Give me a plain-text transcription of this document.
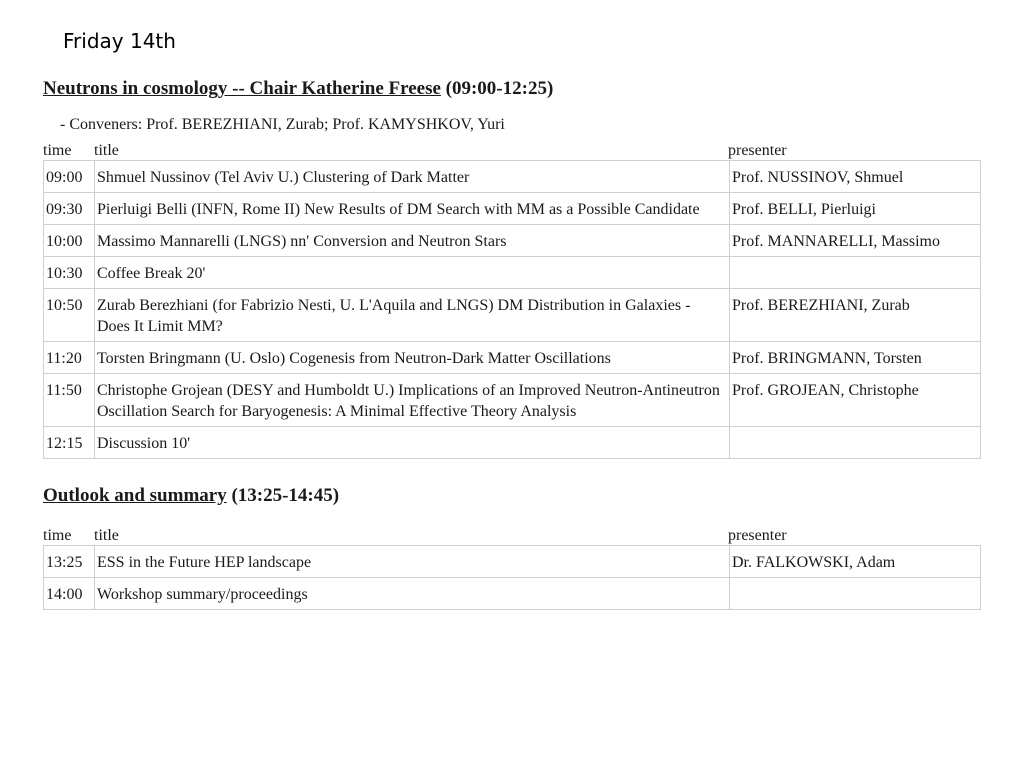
Friday 14th
Neutrons in cosmology -- Chair Katherine Freese (09:00-12:25)
- Conveners: Prof. BEREZHIANI, Zurab; Prof. KAMYSHKOV, Yuri
time	title	presenter
09:00	Shmuel Nussinov (Tel Aviv U.) Clustering of Dark Matter	Prof. NUSSINOV, Shmuel
09:30	Pierluigi Belli (INFN, Rome II) New Results of DM Search with MM as a Possible Candidate	Prof. BELLI, Pierluigi
10:00	Massimo Mannarelli (LNGS) nn' Conversion and Neutron Stars	Prof. MANNARELLI, Massimo
10:30	Coffee Break 20'	
10:50	Zurab Berezhiani (for Fabrizio Nesti, U. L'Aquila and LNGS) DM Distribution in Galaxies - Does It Limit MM?	Prof. BEREZHIANI, Zurab
11:20	Torsten Bringmann (U. Oslo) Cogenesis from Neutron-Dark Matter Oscillations	Prof. BRINGMANN, Torsten
11:50	Christophe Grojean (DESY and Humboldt U.) Implications of an Improved Neutron-Antineutron Oscillation Search for Baryogenesis: A Minimal Effective Theory Analysis	Prof. GROJEAN, Christophe
12:15	Discussion 10'	
Outlook and summary (13:25-14:45)
time	title	presenter
13:25	ESS in the Future HEP landscape	Dr. FALKOWSKI, Adam
14:00	Workshop summary/proceedings	
